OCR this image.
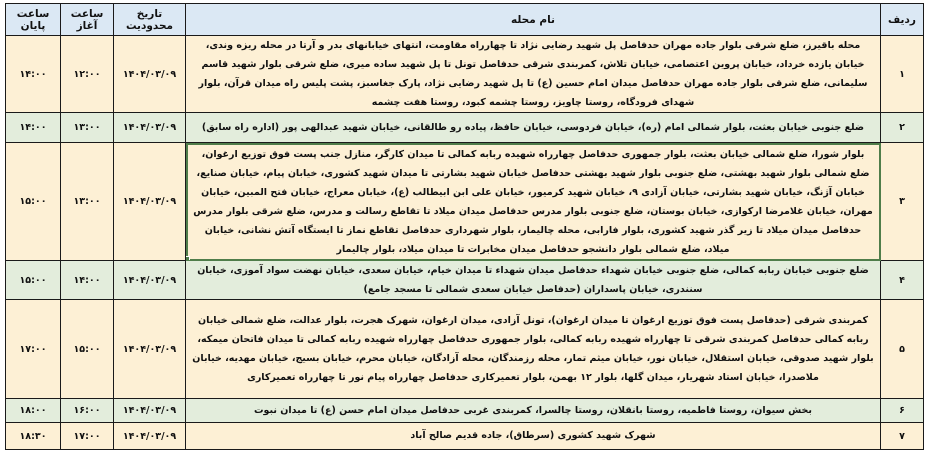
ردیف	نام محله	تاریخ محدودیت	ساعت آغاز	ساعت پایان
۱	محله باقیرز، ضلع شرقی بلوار جاده مهران حدفاصل پل شهید رضایی نژاد تا چهارراه مقاومت، انتهای خیابانهای بدر و آرتا در محله ریزه وندی، خیابان یازده خرداد، خیابان پروین اعتصامی، خیابان تلاش، کمربندی شرقی حدفاصل تونل تا پل شهید ساده میری، ضلع شرقی بلوار شهید قاسم سلیمانی، ضلع شرقی بلوار جاده مهران حدفاصل میدان امام حسین (ع) تا پل شهید رضایی نژاد، پارک جغاسبز، پشت پلیس راه میدان قرآن، بلوار شهدای فرودگاه، روستا چاویز، روستا چشمه کبود، روستا هفت چشمه	۱۴۰۴/۰۳/۰۹	۱۲:۰۰	۱۴:۰۰
۲	ضلع جنوبی خیابان بعثت، بلوار شمالی امام (ره)، خیابان فردوسی، خیابان حافظ، پیاده رو طالقانی، خیابان شهید عبدالهی پور (اداره راه سابق)	۱۴۰۴/۰۳/۰۹	۱۳:۰۰	۱۴:۰۰
۳	بلوار شورا، ضلع شمالی خیابان بعثت، بلوار جمهوری حدفاصل چهارراه شهیده ربابه کمالی تا میدان کارگر، منازل جنب پست فوق توزیع ارغوان، ضلع شمالی بلوار شهید بهشتی، ضلع جنوبی بلوار شهید بهشتی حدفاصل خیابان شهید بشارتی تا میدان شهید کشوری، خیابان پیام، خیابان صنایع، خیابان آژنگ، خیابان شهید بشارتی، خیابان آزادی ۹، خیابان شهید کرمیور، خیابان علی ابن ابیطالب (ع)، خیابان معراج، خیابان فتح المبین، خیابان مهران، خیابان غلامرضا ارکوازی، خیابان بوستان، ضلع جنوبی بلوار مدرس حدفاصل میدان میلاد تا تقاطع رسالت و مدرس، ضلع شرقی بلوار مدرس حدفاصل میدان میلاد تا زیر گذر شهید کشوری، بلوار فارابی، محله چالیمار، بلوار شهرداری حدفاصل تقاطع نماز تا ایستگاه آتش نشانی، خیابان میلاد، ضلع شمالی بلوار دانشجو حدفاصل میدان مخابرات تا میدان میلاد، بلوار چالیمار	۱۴۰۴/۰۳/۰۹	۱۳:۰۰	۱۵:۰۰
۴	ضلع جنوبی خیابان ربابه کمالی، ضلع جنوبی خیابان شهداء حدفاصل میدان شهداء تا میدان خیام، خیابان سعدی، خیابان نهضت سواد آموزی، خیابان سنندری، خیابان پاسداران (حدفاصل خیابان سعدی شمالی تا مسجد جامع)	۱۴۰۴/۰۳/۰۹	۱۴:۰۰	۱۵:۰۰
۵	کمربندی شرقی (حدفاصل پست فوق توزیع ارغوان تا میدان ارغوان)، تونل آزادی، میدان ارغوان، شهرک هجرت، بلوار عدالت، ضلع شمالی خیابان ربابه کمالی حدفاصل کمربندی شرقی تا چهارراه شهیده ربابه کمالی، بلوار جمهوری حدفاصل چهارراه شهیده ربابه کمالی تا میدان فاتحان میمکه، بلوار شهید صدوقی، خیابان استقلال، خیابان نور، خیابان میثم تمار، محله رزمندگان، محله آزادگان، خیابان محرم، خیابان بسیج، خیابان مهدیه، خیابان ملاصدرا، خیابان استاد شهریار، میدان گلها، بلوار ۱۲ بهمن، بلوار تعمیرکاری حدفاصل چهارراه پیام نور تا چهارراه تعمیرکاری	۱۴۰۴/۰۳/۰۹	۱۵:۰۰	۱۷:۰۰
۶	بخش سیوان، روستا فاطمیه، روستا بانقلان، روستا چالسرا، کمربندی غربی حدفاصل میدان امام حسن (ع) تا میدان نبوت	۱۴۰۴/۰۳/۰۹	۱۶:۰۰	۱۸:۰۰
۷	شهرک شهید کشوری (سرطاق)، جاده قدیم صالح آباد	۱۴۰۴/۰۳/۰۹	۱۷:۰۰	۱۸:۳۰
